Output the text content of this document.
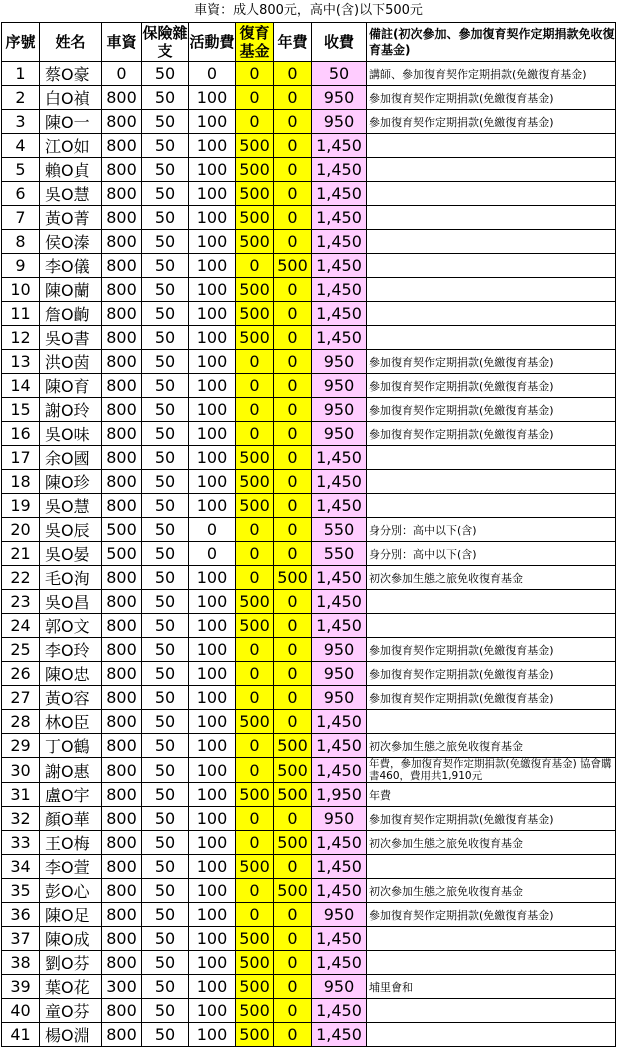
車資：成人800元，高中(含)以下500元
序號	姓名	車資	保險雜支	活動費	復育基金	年費	收費	備註(初次參加、參加復育契作定期捐款免收復育基金)
1	蔡O豪	0	50	0	0	0	50	講師、參加復育契作定期捐款(免繳復育基金)
2	白O禎	800	50	100	0	0	950	參加復育契作定期捐款(免繳復育基金)
3	陳O一	800	50	100	0	0	950	參加復育契作定期捐款(免繳復育基金)
4	江O如	800	50	100	500	0	1,450	
5	賴O貞	800	50	100	500	0	1,450	
6	吳O慧	800	50	100	500	0	1,450	
7	黃O菁	800	50	100	500	0	1,450	
8	侯O溱	800	50	100	500	0	1,450	
9	李O儀	800	50	100	0	500	1,450	
10	陳O蘭	800	50	100	500	0	1,450	
11	詹O齣	800	50	100	500	0	1,450	
12	吳O書	800	50	100	500	0	1,450	
13	洪O茵	800	50	100	0	0	950	參加復育契作定期捐款(免繳復育基金)
14	陳O育	800	50	100	0	0	950	參加復育契作定期捐款(免繳復育基金)
15	謝O玲	800	50	100	0	0	950	參加復育契作定期捐款(免繳復育基金)
16	吳O味	800	50	100	0	0	950	參加復育契作定期捐款(免繳復育基金)
17	余O國	800	50	100	500	0	1,450	
18	陳O珍	800	50	100	500	0	1,450	
19	吳O慧	800	50	100	500	0	1,450	
20	吳O辰	500	50	0	0	0	550	身分別：高中以下(含)
21	吳O晏	500	50	0	0	0	550	身分別：高中以下(含)
22	毛O洵	800	50	100	0	500	1,450	初次參加生態之旅免收復育基金
23	吳O昌	800	50	100	500	0	1,450	
24	郭O文	800	50	100	500	0	1,450	
25	李O玲	800	50	100	0	0	950	參加復育契作定期捐款(免繳復育基金)
26	陳O忠	800	50	100	0	0	950	參加復育契作定期捐款(免繳復育基金)
27	黃O容	800	50	100	0	0	950	參加復育契作定期捐款(免繳復育基金)
28	林O臣	800	50	100	500	0	1,450	
29	丁O鶴	800	50	100	0	500	1,450	初次參加生態之旅免收復育基金
30	謝O惠	800	50	100	0	500	1,450	年費，參加復育契作定期捐款(免繳復育基金) 協會購書460，費用共1,910元
31	盧O宇	800	50	100	500	500	1,950	年費
32	顏O華	800	50	100	0	0	950	參加復育契作定期捐款(免繳復育基金)
33	王O梅	800	50	100	0	500	1,450	初次參加生態之旅免收復育基金
34	李O萱	800	50	100	500	0	1,450	
35	彭O心	800	50	100	0	500	1,450	初次參加生態之旅免收復育基金
36	陳O足	800	50	100	0	0	950	參加復育契作定期捐款(免繳復育基金)
37	陳O成	800	50	100	500	0	1,450	
38	劉O芬	800	50	100	500	0	1,450	
39	葉O花	300	50	100	500	0	950	埔里會和
40	童O芬	800	50	100	500	0	1,450	
41	楊O淵	800	50	100	500	0	1,450	
